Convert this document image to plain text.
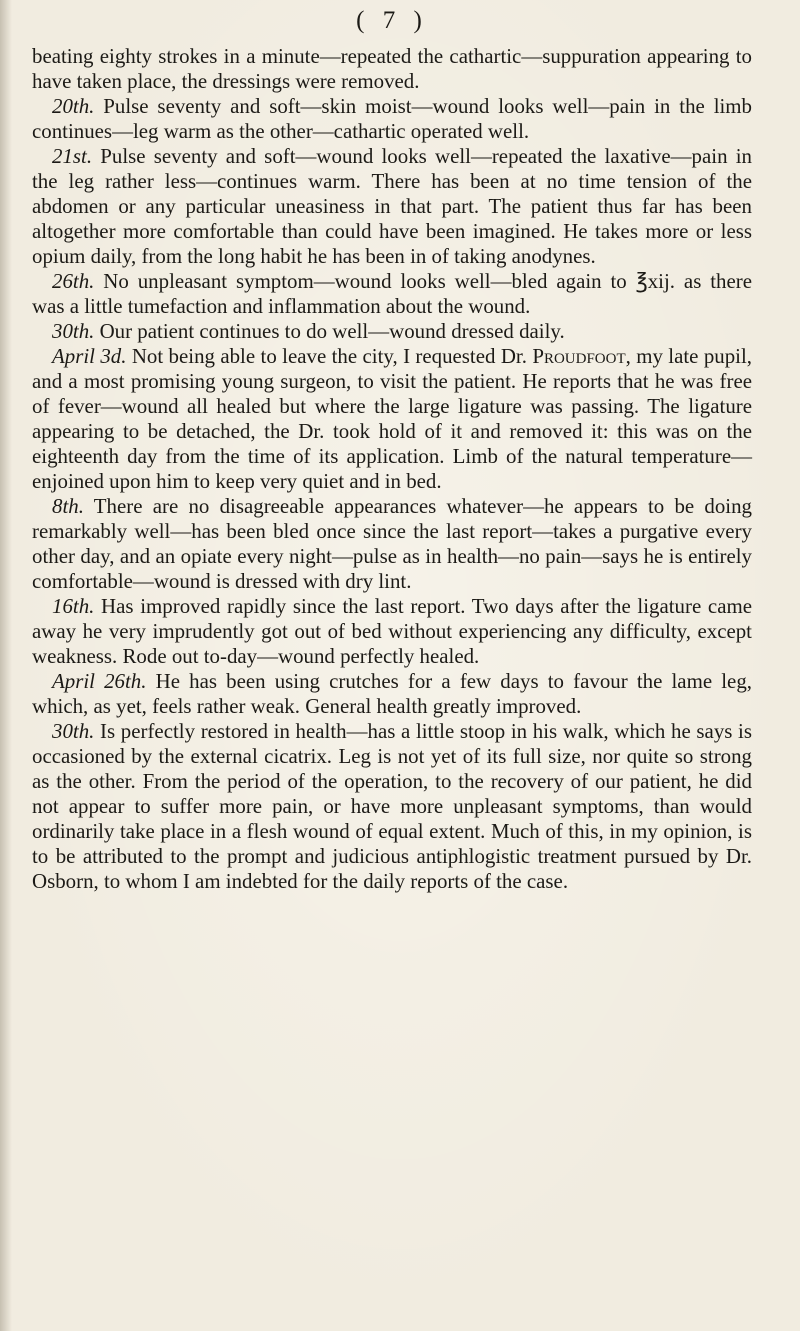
( 7 )

beating eighty strokes in a minute—repeated the cathartic—suppuration appearing to have taken place, the dressings were removed.

20th. Pulse seventy and soft—skin moist—wound looks well—pain in the limb continues—leg warm as the other—cathartic operated well.

21st. Pulse seventy and soft—wound looks well—repeated the laxative—pain in the leg rather less—continues warm. There has been at no time tension of the abdomen or any particular uneasiness in that part. The patient thus far has been altogether more comfortable than could have been imagined. He takes more or less opium daily, from the long habit he has been in of taking anodynes.

26th. No unpleasant symptom—wound looks well—bled again to ℥xij. as there was a little tumefaction and inflammation about the wound.

30th. Our patient continues to do well—wound dressed daily.

April 3d. Not being able to leave the city, I requested Dr. Proudfoot, my late pupil, and a most promising young surgeon, to visit the patient. He reports that he was free of fever—wound all healed but where the large ligature was passing. The ligature appearing to be detached, the Dr. took hold of it and removed it: this was on the eighteenth day from the time of its application. Limb of the natural temperature—enjoined upon him to keep very quiet and in bed.

8th. There are no disagreeable appearances whatever—he appears to be doing remarkably well—has been bled once since the last report—takes a purgative every other day, and an opiate every night—pulse as in health—no pain—says he is entirely comfortable—wound is dressed with dry lint.

16th. Has improved rapidly since the last report. Two days after the ligature came away he very imprudently got out of bed without experiencing any difficulty, except weakness. Rode out to-day—wound perfectly healed.

April 26th. He has been using crutches for a few days to favour the lame leg, which, as yet, feels rather weak. General health greatly improved.

30th. Is perfectly restored in health—has a little stoop in his walk, which he says is occasioned by the external cicatrix. Leg is not yet of its full size, nor quite so strong as the other. From the period of the operation, to the recovery of our patient, he did not appear to suffer more pain, or have more unpleasant symptoms, than would ordinarily take place in a flesh wound of equal extent. Much of this, in my opinion, is to be attributed to the prompt and judicious antiphlogistic treatment pursued by Dr. Osborn, to whom I am indebted for the daily reports of the case.
